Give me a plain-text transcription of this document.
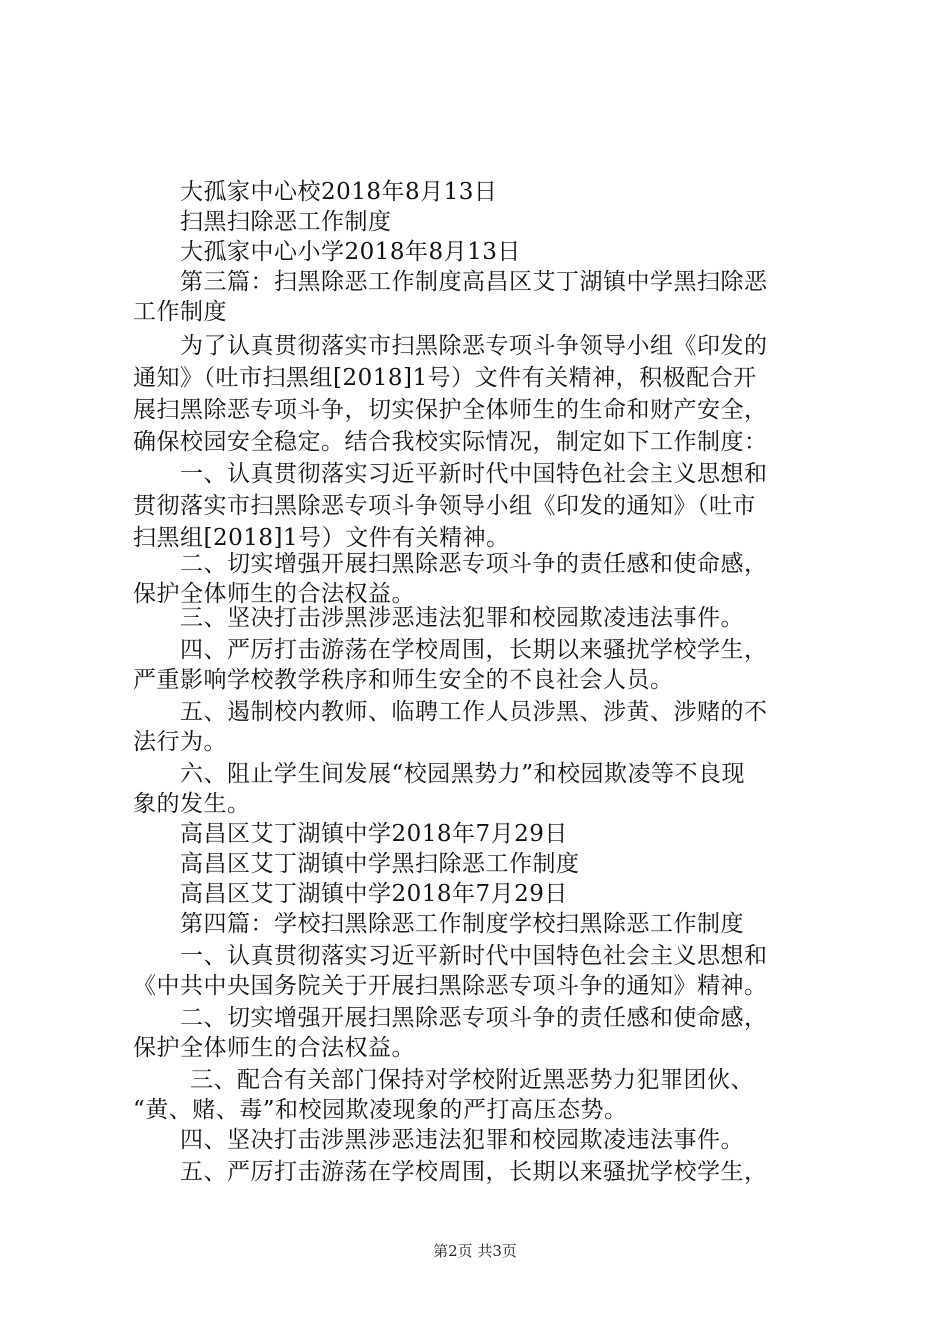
大孤家中心校2018年8月13日
扫黑扫除恶工作制度
大孤家中心小学2018年8月13日
第三篇：扫黑除恶工作制度高昌区艾丁湖镇中学黑扫除恶
工作制度
为了认真贯彻落实市扫黑除恶专项斗争领导小组《印发的
通知》（吐市扫黑组[2018]1号）文件有关精神，积极配合开
展扫黑除恶专项斗争，切实保护全体师生的生命和财产安全，
确保校园安全稳定。结合我校实际情况，制定如下工作制度：
一、认真贯彻落实习近平新时代中国特色社会主义思想和
贯彻落实市扫黑除恶专项斗争领导小组《印发的通知》（吐市
扫黑组[2018]1号）文件有关精神。
二、切实增强开展扫黑除恶专项斗争的责任感和使命感，
保护全体师生的合法权益。
三、坚决打击涉黑涉恶违法犯罪和校园欺凌违法事件。
四、严厉打击游荡在学校周围，长期以来骚扰学校学生，
严重影响学校教学秩序和师生安全的不良社会人员。
五、遏制校内教师、临聘工作人员涉黑、涉黄、涉赌的不
法行为。
六、阻止学生间发展“校园黑势力”和校园欺凌等不良现
象的发生。
高昌区艾丁湖镇中学2018年7月29日
高昌区艾丁湖镇中学黑扫除恶工作制度
高昌区艾丁湖镇中学2018年7月29日
第四篇：学校扫黑除恶工作制度学校扫黑除恶工作制度
一、认真贯彻落实习近平新时代中国特色社会主义思想和
《中共中央国务院关于开展扫黑除恶专项斗争的通知》精神。
二、切实增强开展扫黑除恶专项斗争的责任感和使命感，
保护全体师生的合法权益。
三、配合有关部门保持对学校附近黑恶势力犯罪团伙、
“黄、赌、毒”和校园欺凌现象的严打高压态势。
四、坚决打击涉黑涉恶违法犯罪和校园欺凌违法事件。
五、严厉打击游荡在学校周围，长期以来骚扰学校学生，
第2页 共3页
